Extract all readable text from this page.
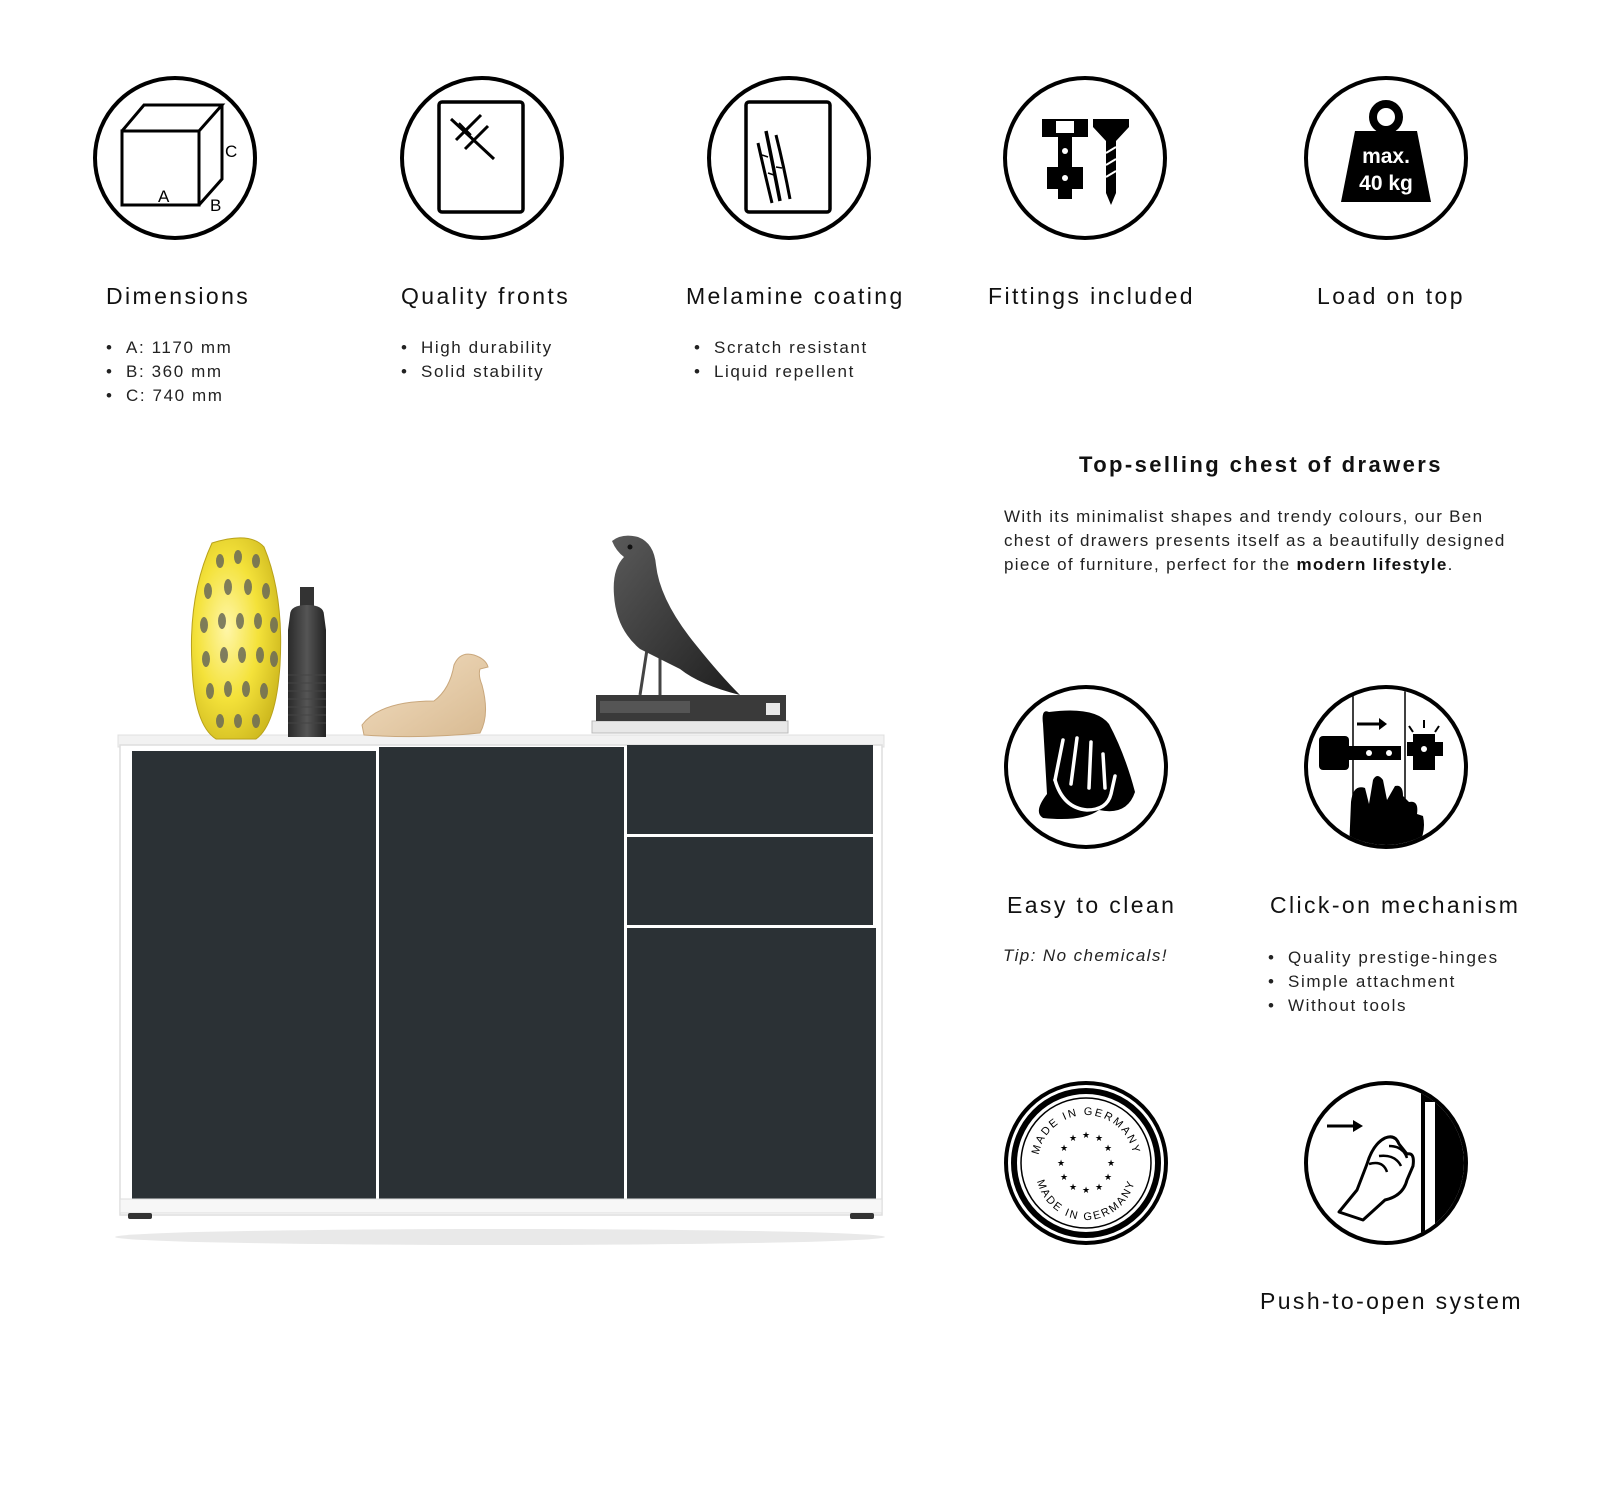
A B
C
Dimensions
• A: 1170 mm
• B: 360 mm
• C: 740 mm
Quality fronts
• High durability
• Solid stability
Melamine coating
• Scratch resistant
• Liquid repellent
Fittings included
max.
40 kg
Load on top
Top-selling chest of drawers
With its minimalist shapes and trendy colours, our Ben chest of drawers presents itself as a beautifully designed piece of furniture, perfect for the modern lifestyle.
Easy to clean
Tip: No chemicals!
Click-on mechanism
• Quality prestige-hinges
• Simple attachment
• Without tools
MADE IN GERMANY
MADE IN GERMANY
★ ★
★
★
★
★
★
★
★
★
★
★
Push-to-open system
